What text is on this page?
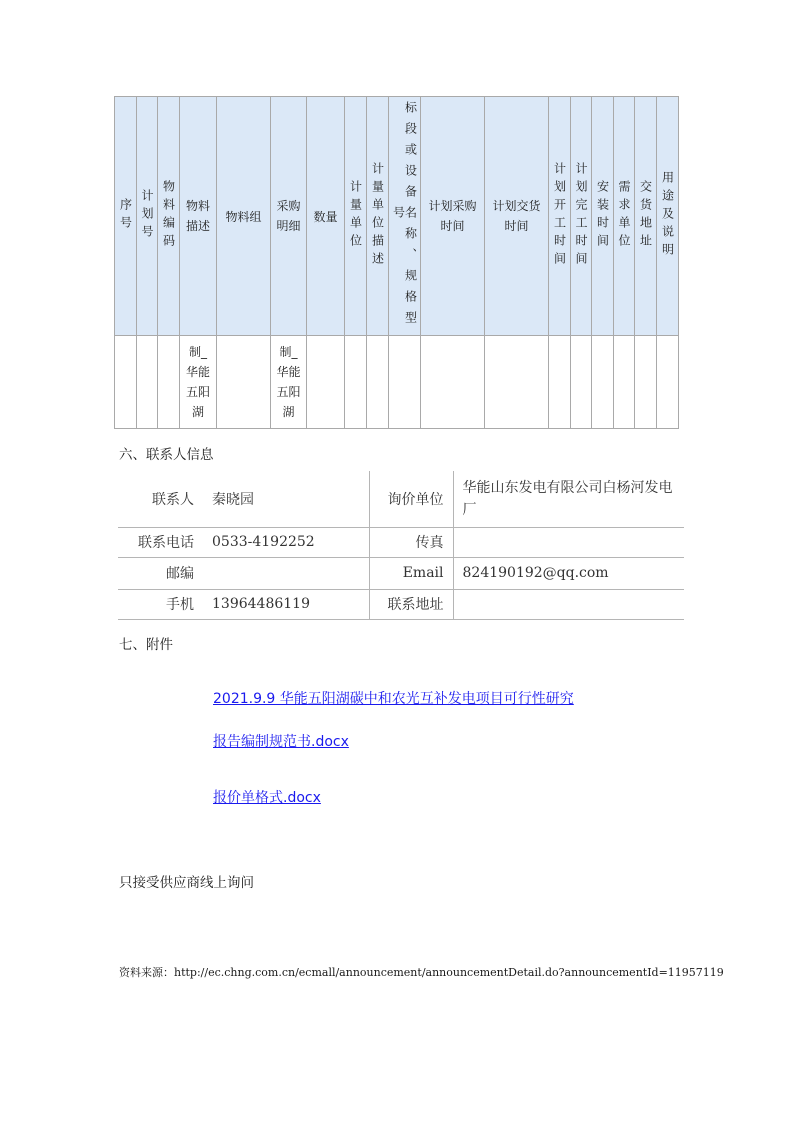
序号	计划号	物料编码	物料描述	物料组	采购明细	数量	计量单位	计量单位描述	标段或设备名称、规格型号	计划采购时间	计划交货时间	计划开工时间	计划完工时间	安装时间	需求单位	交货地址	用途及说明

			制_华能五阳湖		制_华能五阳湖												
六、联系人信息
联系人	秦晓园	询价单位	华能山东发电有限公司白杨河发电厂
联系电话	0533-4192252	传真	
邮编		Email	824190192@qq.com
手机	13964486119	联系地址	
七、附件
2021.9.9 华能五阳湖碳中和农光互补发电项目可行性研究
报告编制规范书.docx
报价单格式.docx
只接受供应商线上询问
资料来源：http://ec.chng.com.cn/ecmall/announcement/announcementDetail.do?announcementId=11957119
